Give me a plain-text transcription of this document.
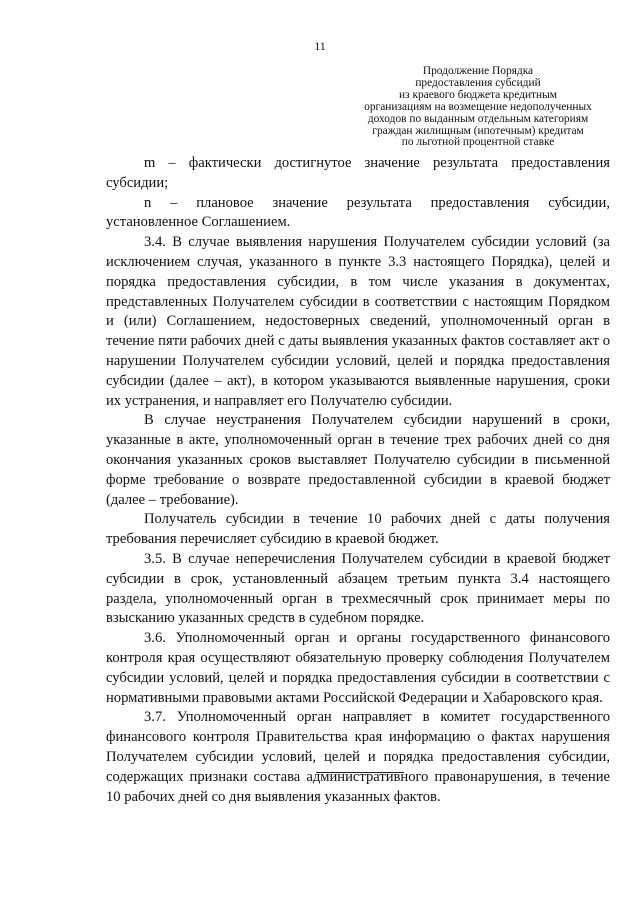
11
Продолжение Порядка
предоставления субсидий
из краевого бюджета кредитным
организациям на возмещение недополученных
доходов по выданным отдельным категориям
граждан жилищным (ипотечным) кредитам
по льготной процентной ставке

m – фактически достигнутое значение результата предоставления субсидии;

n – плановое значение результата предоставления субсидии, установленное Соглашением.

3.4. В случае выявления нарушения Получателем субсидии условий (за исключением случая, указанного в пункте 3.3 настоящего Порядка), целей и порядка предоставления субсидии, в том числе указания в документах, представленных Получателем субсидии в соответствии с настоящим Порядком и (или) Соглашением, недостоверных сведений, уполномоченный орган в течение пяти рабочих дней с даты выявления указанных фактов составляет акт о нарушении Получателем субсидии условий, целей и порядка предоставления субсидии (далее – акт), в котором указываются выявленные нарушения, сроки их устранения, и направляет его Получателю субсидии.

В случае неустранения Получателем субсидии нарушений в сроки, указанные в акте, уполномоченный орган в течение трех рабочих дней со дня окончания указанных сроков выставляет Получателю субсидии в письменной форме требование о возврате предоставленной субсидии в краевой бюджет (далее – требование).

Получатель субсидии в течение 10 рабочих дней с даты получения требования перечисляет субсидию в краевой бюджет.

3.5. В случае неперечисления Получателем субсидии в краевой бюджет субсидии в срок, установленный абзацем третьим пункта 3.4 настоящего раздела, уполномоченный орган в трехмесячный срок принимает меры по взысканию указанных средств в судебном порядке.

3.6. Уполномоченный орган и органы государственного финансового контроля края осуществляют обязательную проверку соблюдения Получателем субсидии условий, целей и порядка предоставления субсидии в соответствии с нормативными правовыми актами Российской Федерации и Хабаровского края.

3.7. Уполномоченный орган направляет в комитет государственного финансового контроля Правительства края информацию о фактах нарушения Получателем субсидии условий, целей и порядка предоставления субсидии, содержащих признаки состава административного правонарушения, в течение 10 рабочих дней со дня выявления указанных фактов.
